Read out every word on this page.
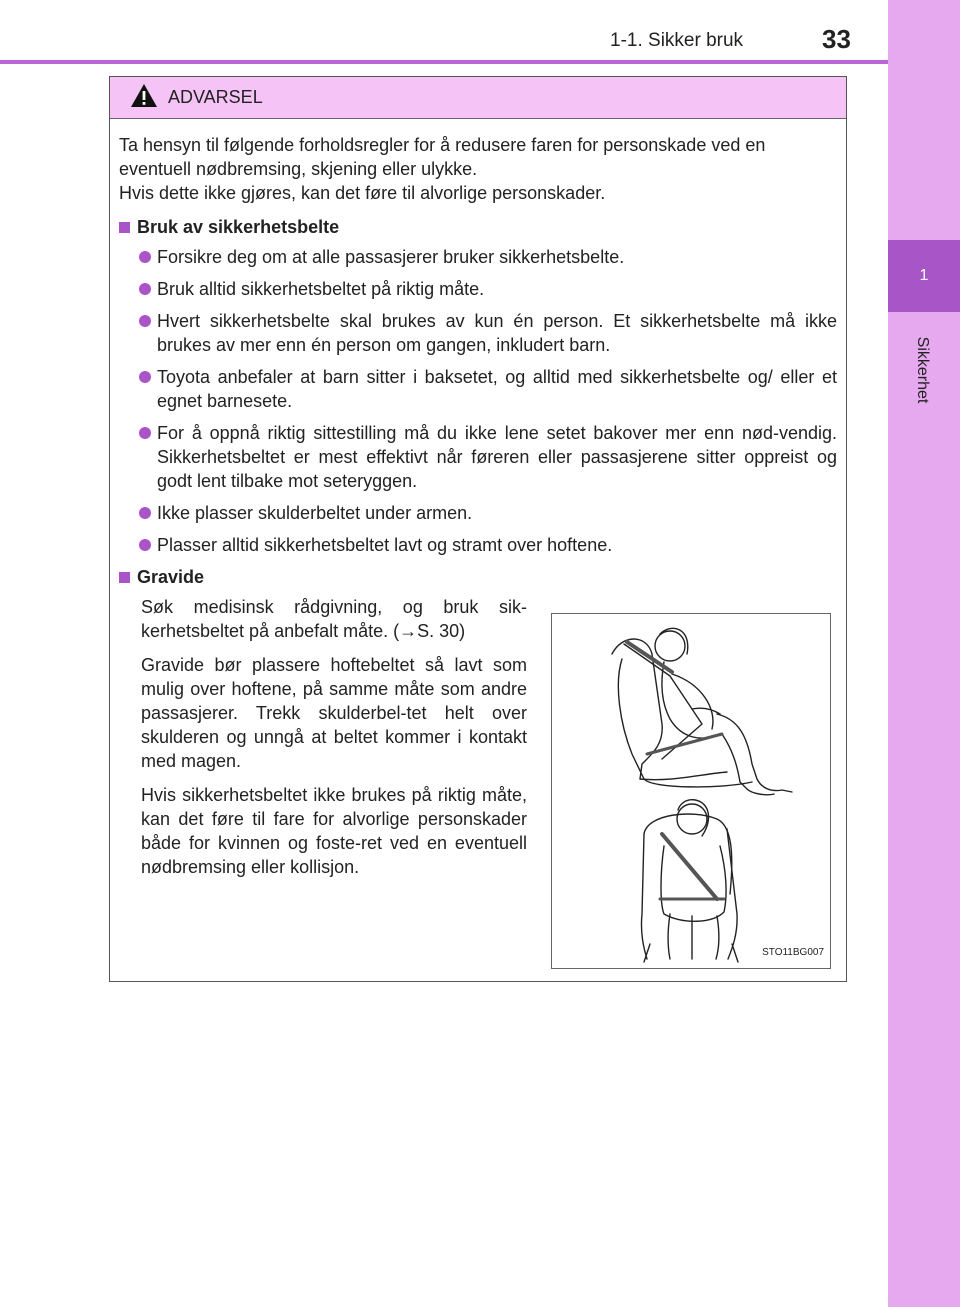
1
Sikkerhet
1-1. Sikker bruk	33
ADVARSEL

Ta hensyn til følgende forholdsregler for å redusere faren for personskade ved en eventuell nødbremsing, skjening eller ulykke.
Hvis dette ikke gjøres, kan det føre til alvorlige personskader.

Bruk av sikkerhetsbelte
Forsikre deg om at alle passasjerer bruker sikkerhetsbelte.
Bruk alltid sikkerhetsbeltet på riktig måte.
Hvert sikkerhetsbelte skal brukes av kun én person. Et sikkerhetsbelte må ikke brukes av mer enn én person om gangen, inkludert barn.
Toyota anbefaler at barn sitter i baksetet, og alltid med sikkerhetsbelte og/ eller et egnet barnesete.
For å oppnå riktig sittestilling må du ikke lene setet bakover mer enn nød-vendig. Sikkerhetsbeltet er mest effektivt når føreren eller passasjerene sitter oppreist og godt lent tilbake mot seteryggen.
Ikke plasser skulderbeltet under armen.
Plasser alltid sikkerhetsbeltet lavt og stramt over hoftene.
Gravide

Søk medisinsk rådgivning, og bruk sik-kerhetsbeltet på anbefalt måte. (→S. 30)

Gravide bør plassere hoftebeltet så lavt som mulig over hoftene, på samme måte som andre passasjerer. Trekk skulderbel-tet helt over skulderen og unngå at beltet kommer i kontakt med magen.

Hvis sikkerhetsbeltet ikke brukes på riktig måte, kan det føre til fare for alvorlige personskader både for kvinnen og foste-ret ved en eventuell nødbremsing eller kollisjon.

STO11BG007
